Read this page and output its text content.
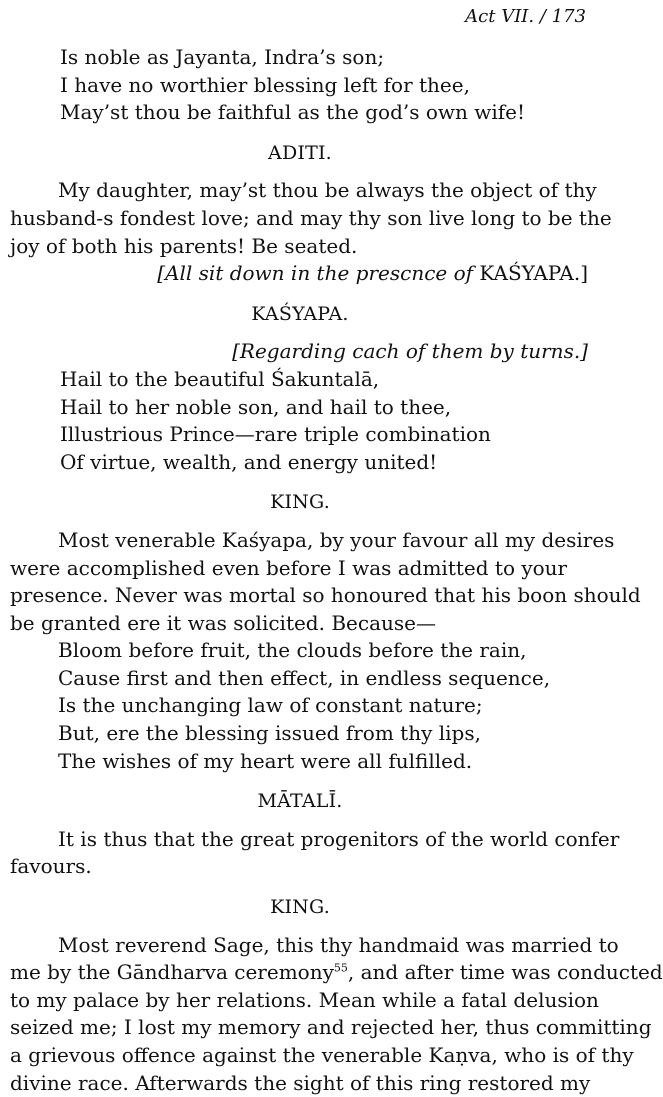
Act VII. / 173
Is noble as Jayanta, Indra’s son;
I have no worthier blessing left for thee,
May’st thou be faithful as the god’s own wife!
ADITI.
My daughter, may’st thou be always the object of thy
husband-s fondest love; and may thy son live long to be the
joy of both his parents! Be seated.
[All sit down in the prescnce of KAŚYAPA.]
KAŚYAPA.
[Regarding cach of them by turns.]
Hail to the beautiful Śakuntalā,
Hail to her noble son, and hail to thee,
Illustrious Prince—rare triple combination
Of virtue, wealth, and energy united!
KING.
Most venerable Kaśyapa, by your favour all my desires
were accomplished even before I was admitted to your
presence. Never was mortal so honoured that his boon should
be granted ere it was solicited. Because—
Bloom before fruit, the clouds before the rain,
Cause first and then effect, in endless sequence,
Is the unchanging law of constant nature;
But, ere the blessing issued from thy lips,
The wishes of my heart were all fulfilled.
MĀTALĪ.
It is thus that the great progenitors of the world confer
favours.
KING.
Most reverend Sage, this thy handmaid was married to
me by the Gāndharva ceremony$^{55}$, and after time was conducted
to my palace by her relations. Mean while a fatal delusion
seized me; I lost my memory and rejected her, thus committing
a grievous offence against the venerable Kaṇva, who is of thy
divine race. Afterwards the sight of this ring restored my
